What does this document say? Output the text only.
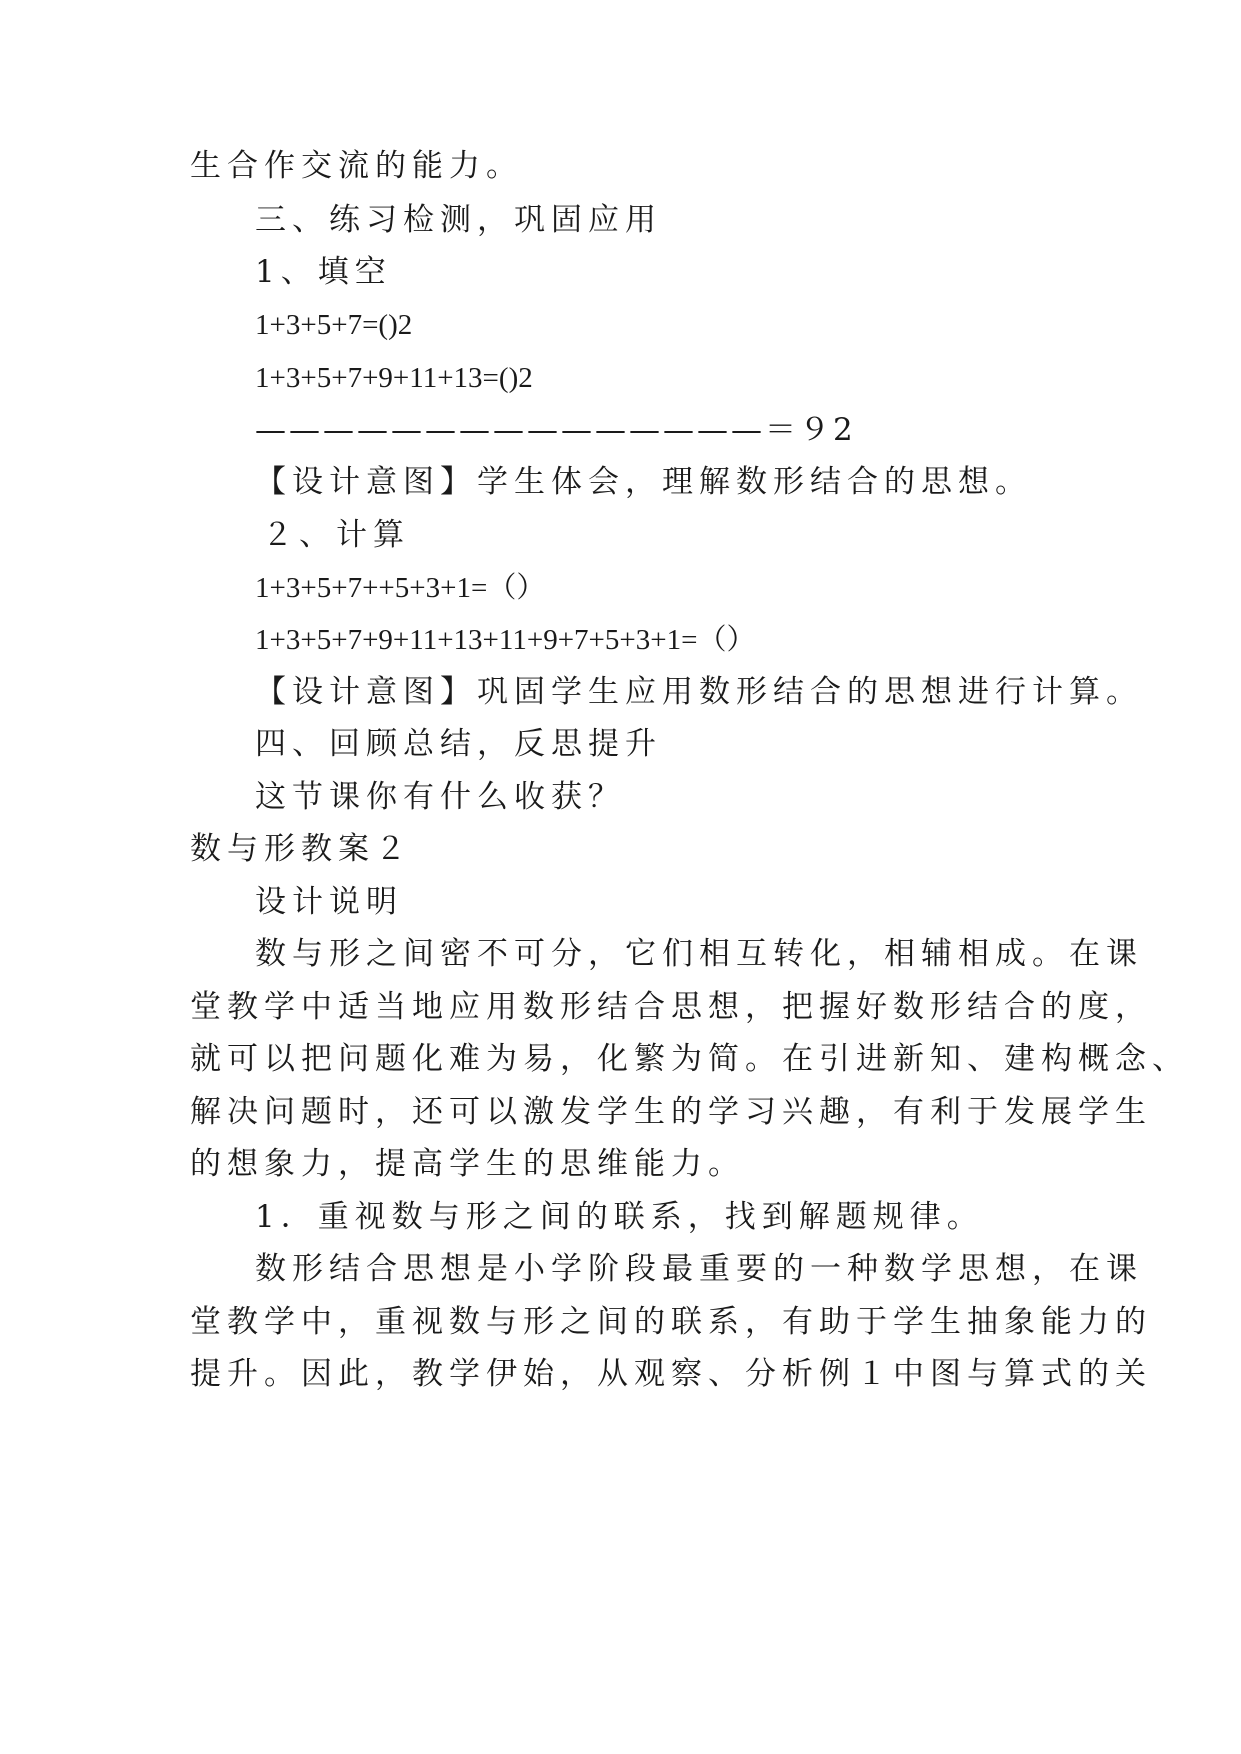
生合作交流的能力。
三、练习检测，巩固应用
1、填空
1+3+5+7=()2
1+3+5+7+9+11+13=()2
———————————————＝９2
【设计意图】学生体会，理解数形结合的思想。
２、计算
1+3+5+7++5+3+1=（）
1+3+5+7+9+11+13+11+9+7+5+3+1=（）
【设计意图】巩固学生应用数形结合的思想进行计算。
四、回顾总结，反思提升
这节课你有什么收获？
数与形教案２
设计说明
数与形之间密不可分，它们相互转化，相辅相成。在课
堂教学中适当地应用数形结合思想，把握好数形结合的度，
就可以把问题化难为易，化繁为简。在引进新知、建构概念、
解决问题时，还可以激发学生的学习兴趣，有利于发展学生
的想象力，提高学生的思维能力。
1．重视数与形之间的联系，找到解题规律。
数形结合思想是小学阶段最重要的一种数学思想，在课
堂教学中，重视数与形之间的联系，有助于学生抽象能力的
提升。因此，教学伊始，从观察、分析例１中图与算式的关
